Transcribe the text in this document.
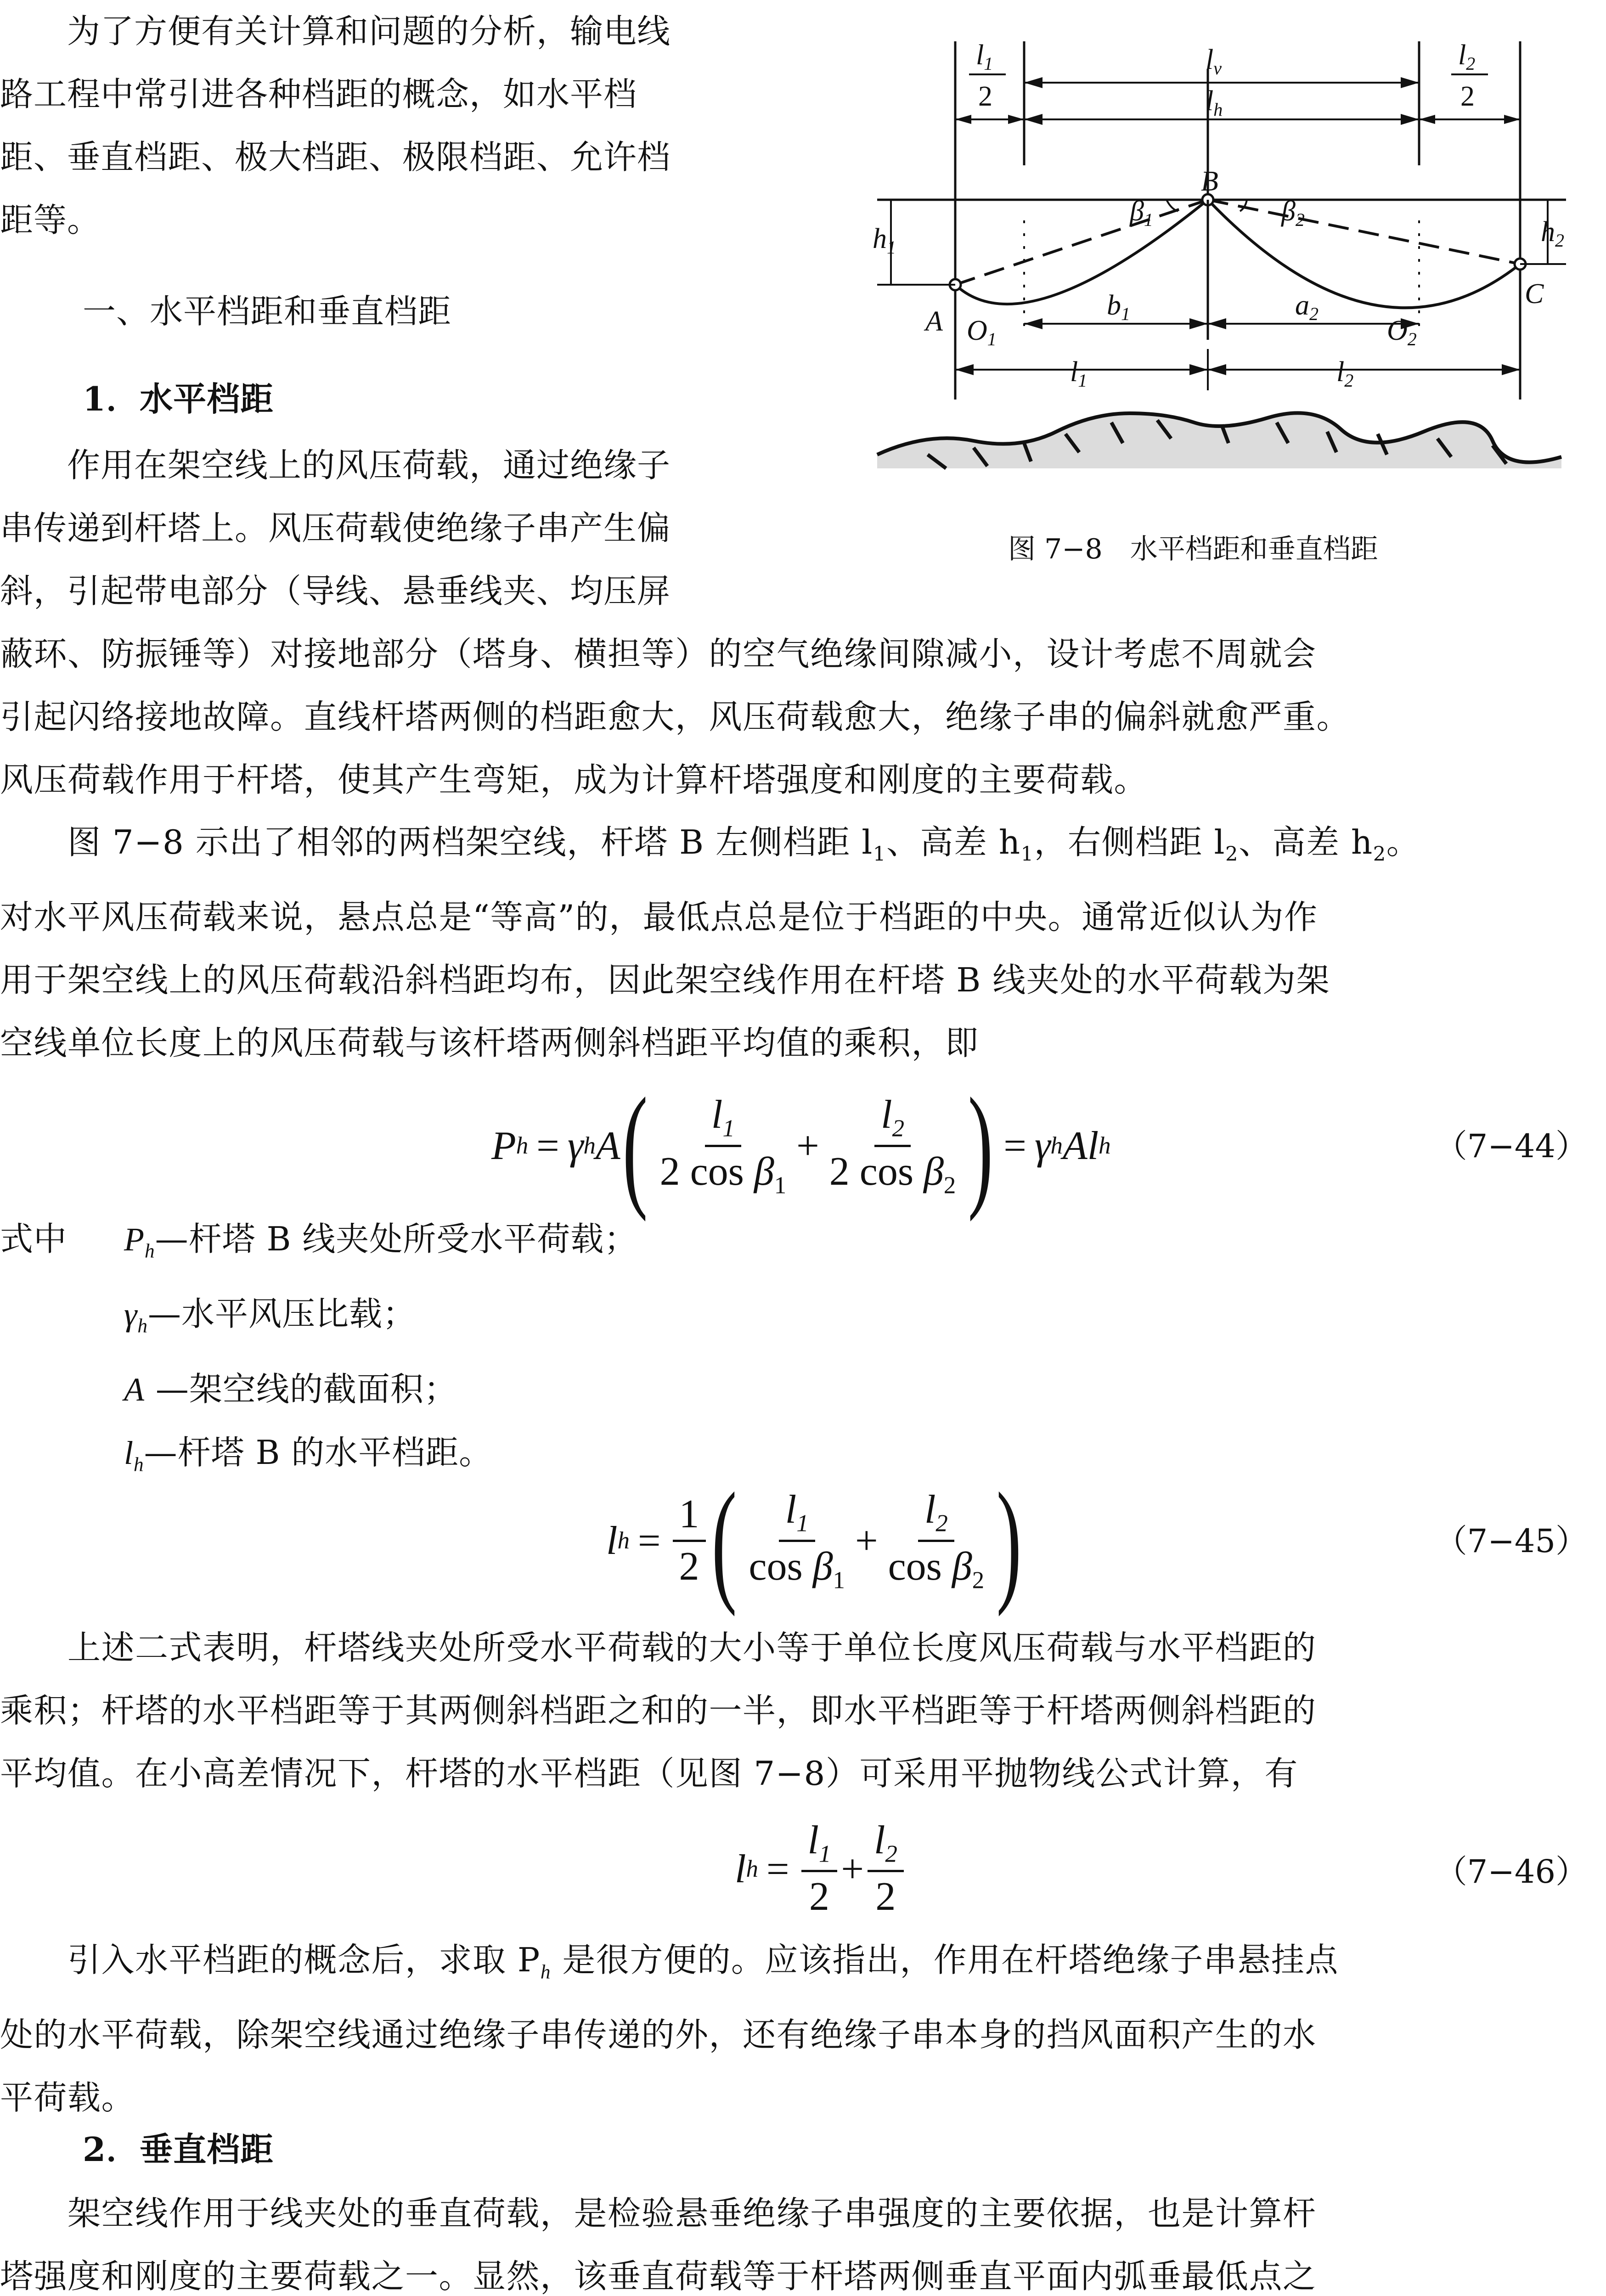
　　为了方便有关计算和问题的分析，输电线
路工程中常引进各种档距的概念，如水平档
距、垂直档距、极大档距、极限档距、允许档
距等。
一、水平档距和垂直档距
1．水平档距
　　作用在架空线上的风压荷载，通过绝缘子
串传递到杆塔上。风压荷载使绝缘子串产生偏
斜，引起带电部分（导线、悬垂线夹、均压屏
l1
2
lv
lh
l2
2
B
β1	β2
h1	h2
A
C
O1	O2
b1	a2
l1	l2
图 7−8　水平档距和垂直档距
蔽环、防振锤等）对接地部分（塔身、横担等）的空气绝缘间隙减小，设计考虑不周就会
引起闪络接地故障。直线杆塔两侧的档距愈大，风压荷载愈大，绝缘子串的偏斜就愈严重。
风压荷载作用于杆塔，使其产生弯矩，成为计算杆塔强度和刚度的主要荷载。
　　图 7−8 示出了相邻的两档架空线，杆塔 B 左侧档距 $l_1$、高差 $h_1$，右侧档距 $l_2$、高差 $h_2$。
对水平风压荷载来说，悬点总是“等高”的，最低点总是位于档距的中央。通常近似认为作
用于架空线上的风压荷载沿斜档距均布，因此架空线作用在杆塔 B 线夹处的水平荷载为架
空线单位长度上的风压荷载与该杆塔两侧斜档距平均值的乘积，即
P h = γ h A ( $\frac{l_1}{2 \cos \beta_1} + \frac{l_2}{2 \cos \beta_2}$ ) = γ h A l h	（7−44）
式中 $P_h—$杆塔 B 线夹处所受水平荷载；
$\gamma_h—$水平风压比载；
A —架空线的截面积；
$l_h—$杆塔 B 的水平档距。
l $h = \frac{1}{2}$ ( $\frac{l_1}{\cos \beta_1} + \frac{l_2}{\cos \beta_2}$ )	（7−45）
　　上述二式表明，杆塔线夹处所受水平荷载的大小等于单位长度风压荷载与水平档距的
乘积；杆塔的水平档距等于其两侧斜档距之和的一半，即水平档距等于杆塔两侧斜档距的
平均值。在小高差情况下，杆塔的水平档距（见图 7−8）可采用平抛物线公式计算，有
l $h = \frac{l_1}{2} + \frac{l_2}{2}$	（7−46）
　　引入水平档距的概念后，求取 $P_h$ 是很方便的。应该指出，作用在杆塔绝缘子串悬挂点
处的水平荷载，除架空线通过绝缘子串传递的外，还有绝缘子串本身的挡风面积产生的水
平荷载。
2．垂直档距
　　架空线作用于线夹处的垂直荷载，是检验悬垂绝缘子串强度的主要依据，也是计算杆
塔强度和刚度的主要荷载之一。显然，该垂直荷载等于杆塔两侧垂直平面内弧垂最低点之
